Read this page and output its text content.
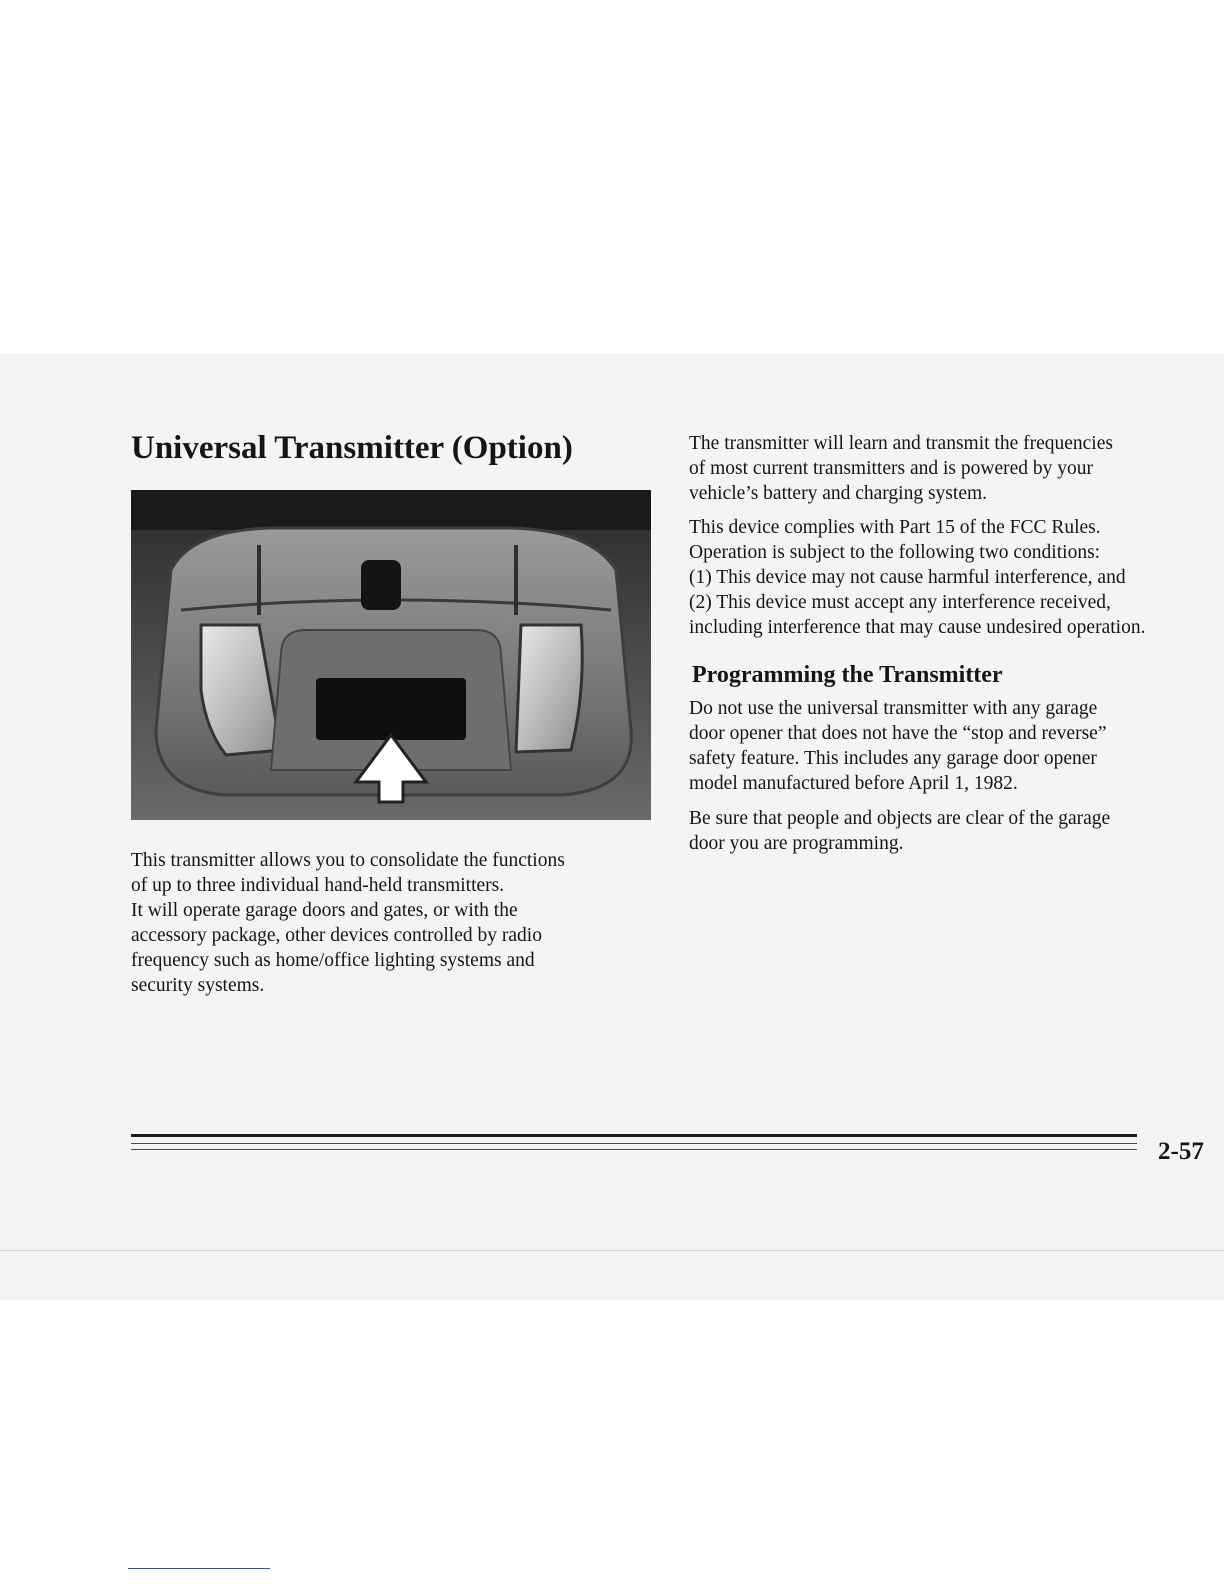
Universal Transmitter (Option)
This transmitter allows you to consolidate the functions
of up to three individual hand-held transmitters.
It will operate garage doors and gates, or with the
accessory package, other devices controlled by radio
frequency such as home/office lighting systems and
security systems.
The transmitter will learn and transmit the frequencies
of most current transmitters and is powered by your
vehicle’s battery and charging system.
This device complies with Part 15 of the FCC Rules.
Operation is subject to the following two conditions:
(1) This device may not cause harmful interference, and
(2) This device must accept any interference received,
including interference that may cause undesired operation.
Programming the Transmitter
Do not use the universal transmitter with any garage
door opener that does not have the “stop and reverse”
safety feature. This includes any garage door opener
model manufactured before April 1, 1982.
Be sure that people and objects are clear of the garage
door you are programming.
2-57
